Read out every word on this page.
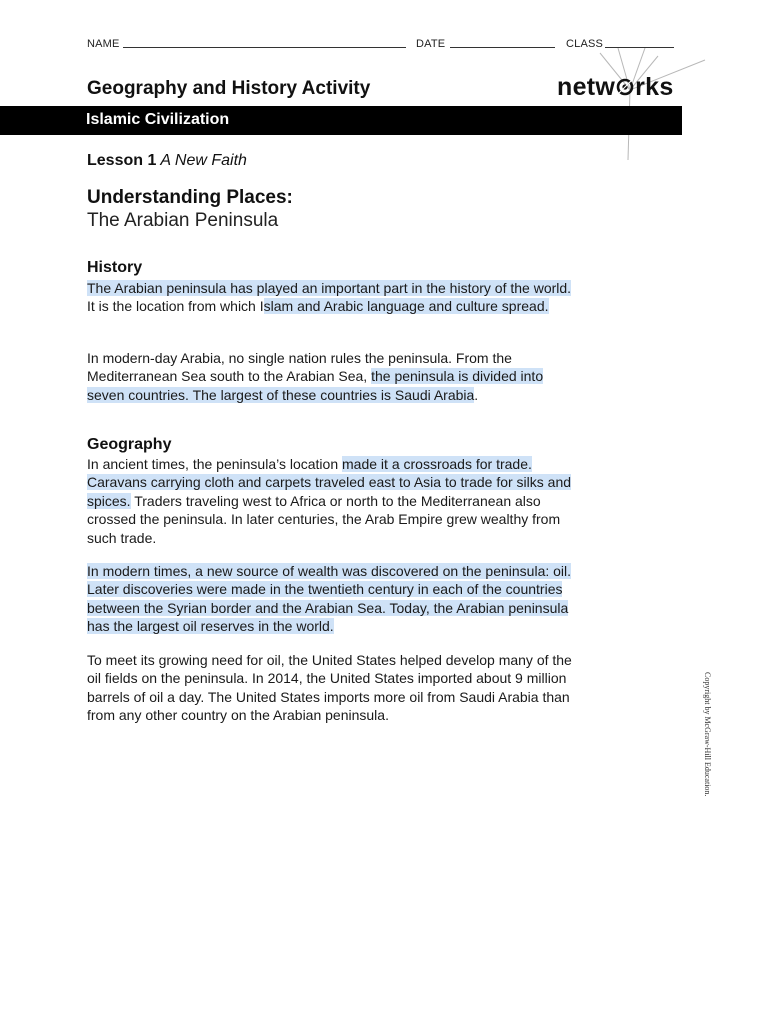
NAME	DATE	CLASS
Geography and History Activity	netw rks
Islamic Civilization
Lesson 1 A New Faith
Understanding Places:
The Arabian Peninsula
History
The Arabian peninsula has played an important part in the history of the world. It is the location from which Islam and Arabic language and culture spread.
In modern-day Arabia, no single nation rules the peninsula. From the Mediterranean Sea south to the Arabian Sea, the peninsula is divided into seven countries. The largest of these countries is Saudi Arabia.
Geography
In ancient times, the peninsula’s location made it a crossroads for trade. Caravans carrying cloth and carpets traveled east to Asia to trade for silks and spices. Traders traveling west to Africa or north to the Mediterranean also crossed the peninsula. In later centuries, the Arab Empire grew wealthy from such trade.
In modern times, a new source of wealth was discovered on the peninsula: oil. Later discoveries were made in the twentieth century in each of the countries between the Syrian border and the Arabian Sea. Today, the Arabian peninsula has the largest oil reserves in the world.
To meet its growing need for oil, the United States helped develop many of the oil fields on the peninsula. In 2014, the United States imported about 9 million barrels of oil a day. The United States imports more oil from Saudi Arabia than from any other country on the Arabian peninsula.	Copyright by McGraw-Hill Education.
